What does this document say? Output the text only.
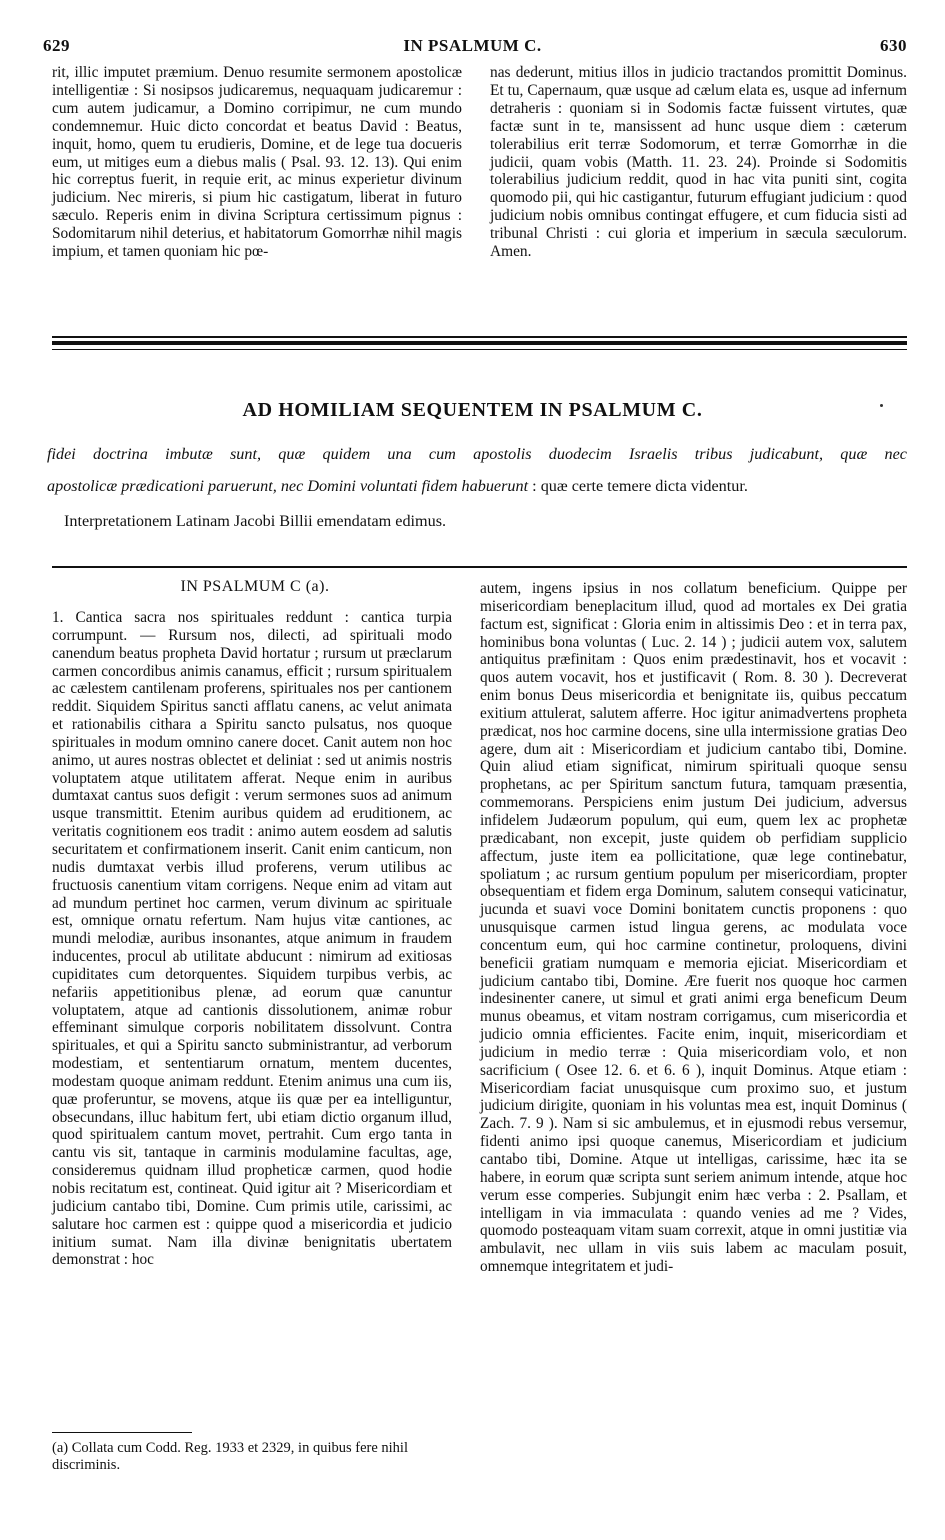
629	IN PSALMUM C.	630

rit, illic imputet præmium. Denuo resumite sermonem apostolicæ intelligentiæ : Si nosipsos judicaremus, nequaquam judicaremur : cum autem judicamur, a Domino corripimur, ne cum mundo condemnemur. Huic dicto concordat et beatus David : Beatus, inquit, homo, quem tu erudieris, Domine, et de lege tua docueris eum, ut mitiges eum a diebus malis ( Psal. 93. 12. 13). Qui enim hic correptus fuerit, in requie erit, ac minus experietur divinum judicium. Nec mireris, si pium hic castigatum, liberat in futuro sæculo. Reperis enim in divina Scriptura certissimum pignus : Sodomitarum nihil deterius, et habitatorum Gomorrhæ nihil magis impium, et tamen quoniam hic pœ-

nas dederunt, mitius illos in judicio tractandos promittit Dominus. Et tu, Capernaum, quæ usque ad cælum elata es, usque ad infernum detraheris : quoniam si in Sodomis factæ fuissent virtutes, quæ factæ sunt in te, mansissent ad hunc usque diem : cæterum tolerabilius erit terræ Sodomorum, et terræ Gomorrhæ in die judicii, quam vobis (Matth. 11. 23. 24). Proinde si Sodomitis tolerabilius judicium reddit, quod in hac vita puniti sint, cogita quomodo pii, qui hic castigantur, futurum effugiant judicium : quod judicium nobis omnibus contingat effugere, et cum fiducia sisti ad tribunal Christi : cui gloria et imperium in sæcula sæculorum. Amen.

AD HOMILIAM SEQUENTEM IN PSALMUM C.
fidei doctrina imbutæ sunt, quæ quidem una cum apostolis duodecim Israelis tribus judicabunt, quæ nec
apostolicæ prædicationi paruerunt, nec Domini voluntati fidem habuerunt : quæ certe temere dicta videntur.
Interpretationem Latinam Jacobi Billii emendatam edimus.
IN PSALMUM C (a).

1. Cantica sacra nos spirituales reddunt : cantica turpia corrumpunt. — Rursum nos, dilecti, ad spirituali modo canendum beatus propheta David hortatur ; rursum ut præclarum carmen concordibus animis canamus, efficit ; rursum spiritualem ac cælestem cantilenam proferens, spirituales nos per cantionem reddit. Siquidem Spiritus sancti afflatu canens, ac velut animata et rationabilis cithara a Spiritu sancto pulsatus, nos quoque spirituales in modum omnino canere docet. Canit autem non hoc animo, ut aures nostras oblectet et deliniat : sed ut animis nostris voluptatem atque utilitatem afferat. Neque enim in auribus dumtaxat cantus suos defigit : verum sermones suos ad animum usque transmittit. Etenim auribus quidem ad eruditionem, ac veritatis cognitionem eos tradit : animo autem eosdem ad salutis securitatem et confirmationem inserit. Canit enim canticum, non nudis dumtaxat verbis illud proferens, verum utilibus ac fructuosis canentium vitam corrigens. Neque enim ad vitam aut ad mundum pertinet hoc carmen, verum divinum ac spirituale est, omnique ornatu refertum. Nam hujus vitæ cantiones, ac mundi melodiæ, auribus insonantes, atque animum in fraudem inducentes, procul ab utilitate abducunt : nimirum ad exitiosas cupiditates cum detorquentes. Siquidem turpibus verbis, ac nefariis appetitionibus plenæ, ad eorum quæ canuntur voluptatem, atque ad cantionis dissolutionem, animæ robur effeminant simulque corporis nobilitatem dissolvunt. Contra spirituales, et qui a Spiritu sancto subministrantur, ad verborum modestiam, et sententiarum ornatum, mentem ducentes, modestam quoque animam reddunt. Etenim animus una cum iis, quæ proferuntur, se movens, atque iis quæ per ea intelliguntur, obsecundans, illuc habitum fert, ubi etiam dictio organum illud, quod spiritualem cantum movet, pertrahit. Cum ergo tanta in cantu vis sit, tantaque in carminis modulamine facultas, age, consideremus quidnam illud propheticæ carmen, quod hodie nobis recitatum est, contineat. Quid igitur ait ? Misericordiam et judicium cantabo tibi, Domine. Cum primis utile, carissimi, ac salutare hoc carmen est : quippe quod a misericordia et judicio initium sumat. Nam illa divinæ benignitatis ubertatem demonstrat : hoc

(a) Collata cum Codd. Reg. 1933 et 2329, in quibus fere nihil discriminis.

autem, ingens ipsius in nos collatum beneficium. Quippe per misericordiam beneplacitum illud, quod ad mortales ex Dei gratia factum est, significat : Gloria enim in altissimis Deo : et in terra pax, hominibus bona voluntas ( Luc. 2. 14 ) ; judicii autem vox, salutem antiquitus præfinitam : Quos enim prædestinavit, hos et vocavit : quos autem vocavit, hos et justificavit ( Rom. 8. 30 ). Decreverat enim bonus Deus misericordia et benignitate iis, quibus peccatum exitium attulerat, salutem afferre. Hoc igitur animadvertens propheta prædicat, nos hoc carmine docens, sine ulla intermissione gratias Deo agere, dum ait : Misericordiam et judicium cantabo tibi, Domine. Quin aliud etiam significat, nimirum spirituali quoque sensu prophetans, ac per Spiritum sanctum futura, tamquam præsentia, commemorans. Perspiciens enim justum Dei judicium, adversus infidelem Judæorum populum, qui eum, quem lex ac prophetæ prædicabant, non excepit, juste quidem ob perfidiam supplicio affectum, juste item ea pollicitatione, quæ lege continebatur, spoliatum ; ac rursum gentium populum per misericordiam, propter obsequentiam et fidem erga Dominum, salutem consequi vaticinatur, jucunda et suavi voce Domini bonitatem cunctis proponens : quo unusquisque carmen istud lingua gerens, ac modulata voce concentum eum, qui hoc carmine continetur, proloquens, divini beneficii gratiam numquam e memoria ejiciat. Misericordiam et judicium cantabo tibi, Domine. Ære fuerit nos quoque hoc carmen indesinenter canere, ut simul et grati animi erga beneficum Deum munus obeamus, et vitam nostram corrigamus, cum misericordia et judicio omnia efficientes. Facite enim, inquit, misericordiam et judicium in medio terræ : Quia misericordiam volo, et non sacrificium ( Osee 12. 6. et 6. 6 ), inquit Dominus. Atque etiam : Misericordiam faciat unusquisque cum proximo suo, et justum judicium dirigite, quoniam in his voluntas mea est, inquit Dominus ( Zach. 7. 9 ). Nam si sic ambulemus, et in ejusmodi rebus versemur, fidenti animo ipsi quoque canemus, Misericordiam et judicium cantabo tibi, Domine. Atque ut intelligas, carissime, hæc ita se habere, in eorum quæ scripta sunt seriem animum intende, atque hoc verum esse comperies. Subjungit enim hæc verba : 2. Psallam, et intelligam in via immaculata : quando venies ad me ? Vides, quomodo posteaquam vitam suam correxit, atque in omni justitiæ via ambulavit, nec ullam in viis suis labem ac maculam posuit, omnemque integritatem et judi-
